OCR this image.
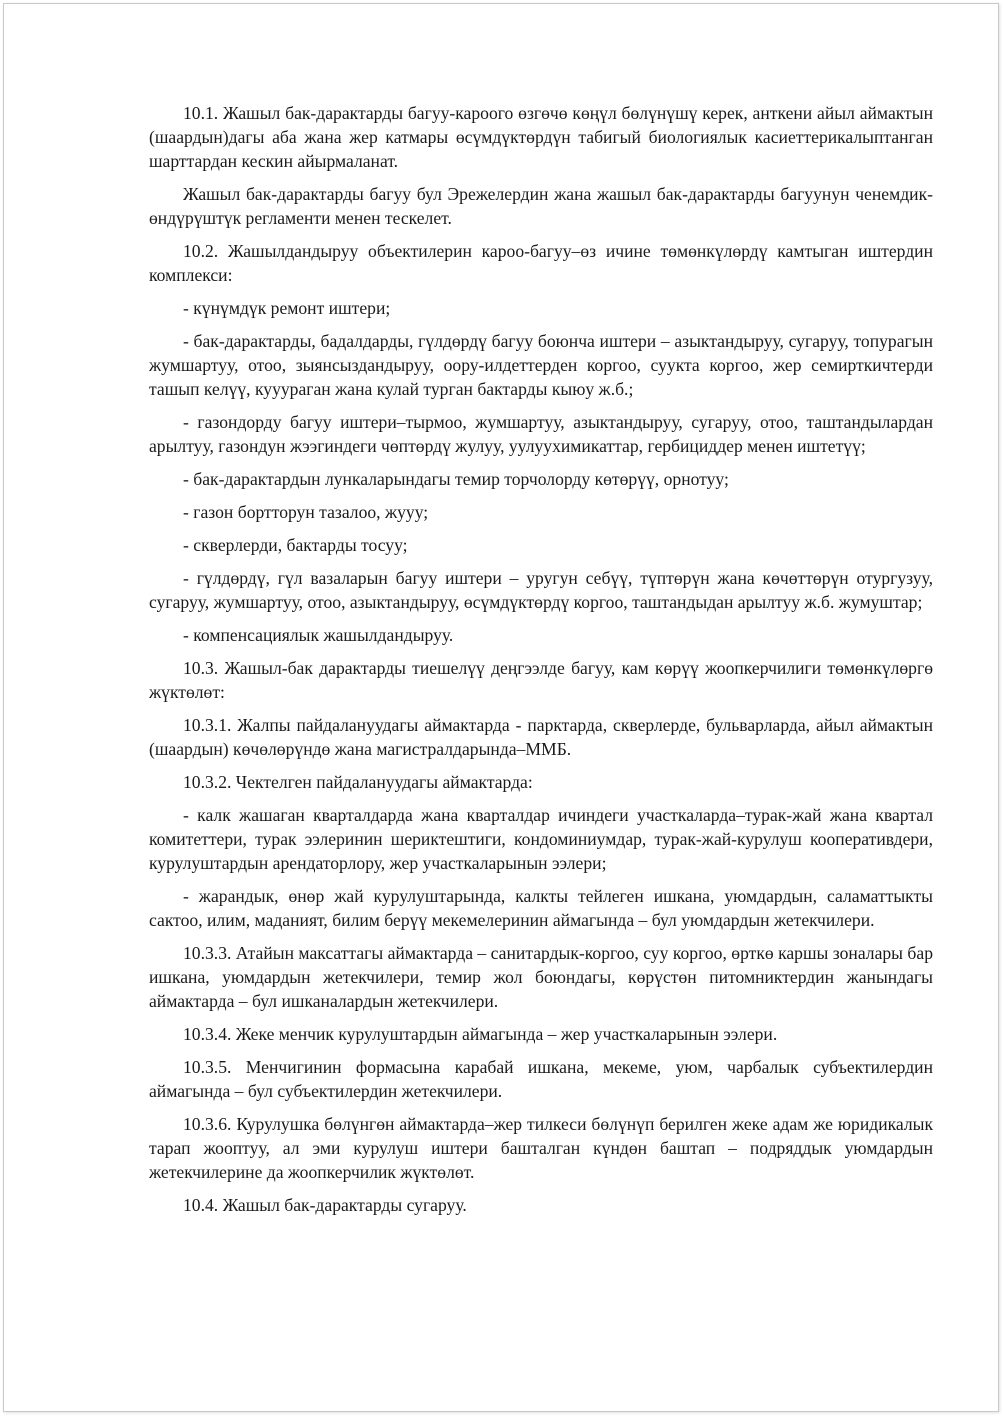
10.1. Жашыл бак-дарактарды багуу-кароого өзгөчө көңүл бөлүнүшү керек, анткени айыл аймактын (шаардын)дагы аба жана жер катмары өсүмдүктөрдүн табигый биологиялык касиеттерикалыптанган шарттардан кескин айырмаланат.

Жашыл бак-дарактарды багуу бул Эрежелердин жана жашыл бак-дарактарды багуунун ченемдик-өндүрүштүк регламенти менен тескелет.

10.2. Жашылдандыруу объектилерин кароо-багуу–өз ичине төмөнкүлөрдү камтыган иштердин комплекси:

- күнүмдүк ремонт иштери;

- бак-дарактарды, бадалдарды, гүлдөрдү багуу боюнча иштери – азыктандыруу, сугаруу, топурагын жумшартуу, отоо, зыянсыздандыруу, оору-илдеттерден коргоо, суукта коргоо, жер семирткичтерди ташып келүү, кууураган жана кулай турган бактарды кыюу ж.б.;

- газондорду багуу иштери–тырмоо, жумшартуу, азыктандыруу, сугаруу, отоо, таштандылардан арылтуу, газондун жээгиндеги чөптөрдү жулуу, уулуухимикаттар, гербициддер менен иштетүү;

- бак-дарактардын лункаларындагы темир торчолорду көтөрүү, орнотуу;

- газон бортторун тазалоо, жууу;

- скверлерди, бактарды тосуу;

- гүлдөрдү, гүл вазаларын багуу иштери – уругун себүү, түптөрүн жана көчөттөрүн отургузуу, сугаруу, жумшартуу, отоо, азыктандыруу, өсүмдүктөрдү коргоо, таштандыдан арылтуу ж.б. жумуштар;

- компенсациялык жашылдандыруу.

10.3. Жашыл-бак дарактарды тиешелүү деңгээлде багуу, кам көрүү жоопкерчилиги төмөнкүлөргө жүктөлөт:

10.3.1. Жалпы пайдалануудагы аймактарда - парктарда, скверлерде, бульварларда, айыл аймактын (шаардын) көчөлөрүндө жана магистралдарында–ММБ.

10.3.2. Чектелген пайдалануудагы аймактарда:

- калк жашаган кварталдарда жана кварталдар ичиндеги участкаларда–турак-жай жана квартал комитеттери, турак ээлеринин шериктештиги, кондоминиумдар, турак-жай-курулуш кооперативдери, курулуштардын арендаторлору, жер участкаларынын ээлери;

- жарандык, өнөр жай курулуштарында, калкты тейлеген ишкана, уюмдардын, саламаттыкты сактоо, илим, маданият, билим берүү мекемелеринин аймагында – бул уюмдардын жетекчилери.

10.3.3. Атайын максаттагы аймактарда – санитардык-коргоо, суу коргоо, өрткө каршы зоналары бар ишкана, уюмдардын жетекчилери, темир жол боюндагы, көрүстөн питомниктердин жанындагы аймактарда – бул ишканалардын жетекчилери.

10.3.4. Жеке менчик курулуштардын аймагында – жер участкаларынын ээлери.

10.3.5. Менчигинин формасына карабай ишкана, мекеме, уюм, чарбалык субъектилердин аймагында – бул субъектилердин жетекчилери.

10.3.6. Курулушка бөлүнгөн аймактарда–жер тилкеси бөлүнүп берилген жеке адам же юридикалык тарап жооптуу, ал эми курулуш иштери башталган күндөн баштап – подряддык уюмдардын жетекчилерине да жоопкерчилик жүктөлөт.

10.4. Жашыл бак-дарактарды сугаруу.
